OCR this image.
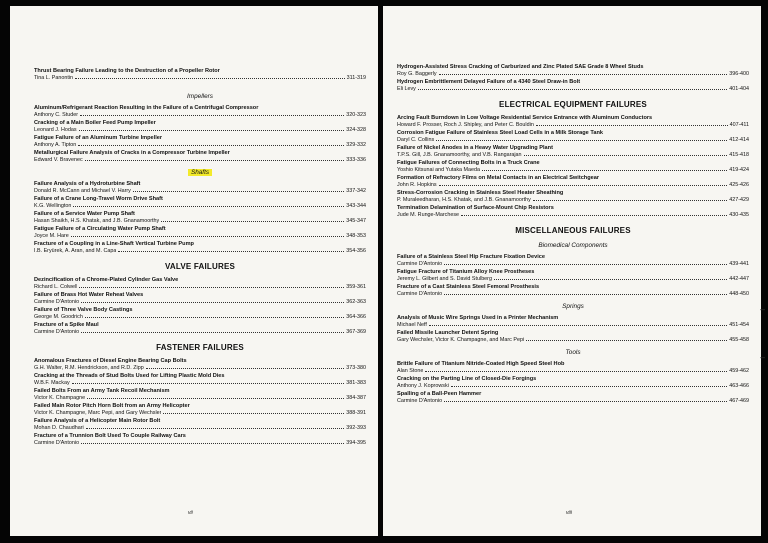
Thrust Bearing Failure Leading to the Destruction of a Propeller Rotor
Tina L. Panontin	311-319
Impellers
Aluminum/Refrigerant Reaction Resulting in the Failure of a Centrifugal Compressor
Anthony C. Studer	320-323
Cracking of a Main Boiler Feed Pump Impeller
Leonard J. Hodas	324-328
Fatigue Failure of an Aluminum Turbine Impeller
Anthony A. Tipton	329-332
Metallurgical Failure Analysis of Cracks in a Compressor Turbine Impeller
Edward V. Bravenec	333-336
Shafts
Failure Analysis of a Hydroturbine Shaft
Donald R. McCann and Michael V. Harry	337-342
Failure of a Crane Long-Travel Worm Drive Shaft
K.G. Wellington	343-344
Failure of a Service Water Pump Shaft
Hasan Shaikh, H.S. Khatak, and J.B. Gnanamoorthy	345-347
Fatigue Failure of a Circulating Water Pump Shaft
Joyce M. Hare	348-353
Fracture of a Coupling in a Line-Shaft Vertical Turbine Pump
I.B. Eryürek, A. Aran, and M. Capa	354-356
VALVE FAILURES
Dezincification of a Chrome-Plated Cylinder Gas Valve
Richard L. Colwell	359-361
Failure of Brass Hot Water Reheat Valves
Carmine D'Antonio	362-363
Failure of Three Valve Body Castings
George M. Goodrich	364-366
Fracture of a Spike Maul
Carmine D'Antonio	367-369
FASTENER FAILURES
Anomalous Fractures of Diesel Engine Bearing Cap Bolts
G.H. Walter, R.M. Hendrickson, and R.D. Zipp	373-380
Cracking at the Threads of Stud Bolts Used for Lifting Plastic Mold Dies
W.B.F. Mackay	381-383
Failed Bolts From an Army Tank Recoil Mechanism
Victor K. Champagne	384-387
Failed Main Rotor Pitch Horn Bolt from an Army Helicopter
Victor K. Champagne, Marc Pepi, and Gary Wechsler	388-391
Failure Analysis of a Helicopter Main Rotor Bolt
Mohan D. Chaudhari	392-393
Fracture of a Trunnion Bolt Used To Couple Railway Cars
Carmine D'Antonio	394-395
vii
Hydrogen-Assisted Stress Cracking of Carburized and Zinc Plated SAE Grade 8 Wheel Studs
Roy G. Baggerly	396-400
Hydrogen Embrittlement Delayed Failure of a 4340 Steel Draw-in Bolt
Eli Levy	401-404
ELECTRICAL EQUIPMENT FAILURES
Arcing Fault Burndown in Low Voltage Residential Service Entrance with Aluminum Conductors
Howard F. Prosser, Roch J. Shipley, and Peter C. Bouldin	407-411
Corrosion Fatigue Failure of Stainless Steel Load Cells in a Milk Storage Tank
Daryl C. Collins	412-414
Failure of Nickel Anodes in a Heavy Water Upgrading Plant
T.P.S. Gill, J.B. Gnanamoorthy, and V.B. Rangarajan	415-418
Fatigue Failures of Connecting Bolts in a Truck Crane
Yoshio Kitsunai and Yutaka Maeda	419-424
Formation of Refractory Films on Metal Contacts in an Electrical Switchgear
John R. Hopkins	425-426
Stress-Corrosion Cracking in Stainless Steel Heater Sheathing
P. Muraleedharan, H.S. Khatak, and J.B. Gnanamoorthy	427-429
Termination Delamination of Surface-Mount Chip Resistors
Jude M. Runge-Marchese	430-435
MISCELLANEOUS FAILURES
Biomedical Components
Failure of a Stainless Steel Hip Fracture Fixation Device
Carmine D'Antonio	439-441
Fatigue Fracture of Titanium Alloy Knee Prostheses
Jeremy L. Gilbert and S. David Stulberg	442-447
Fracture of a Cast Stainless Steel Femoral Prosthesis
Carmine D'Antonio	448-450
Springs
Analysis of Music Wire Springs Used in a Printer Mechanism
Michael Neff	451-454
Failed Missile Launcher Detent Spring
Gary Wechsler, Victor K. Champagne, and Marc Pepi	455-458
Tools
Brittle Failure of Titanium Nitride-Coated High Speed Steel Hob
Alan Stone	459-462
Cracking on the Parting Line of Closed-Die Forgings
Anthony J. Koprowski	463-466
Spalling of a Ball-Peen Hammer
Carmine D'Antonio	467-469
viii
–
–
